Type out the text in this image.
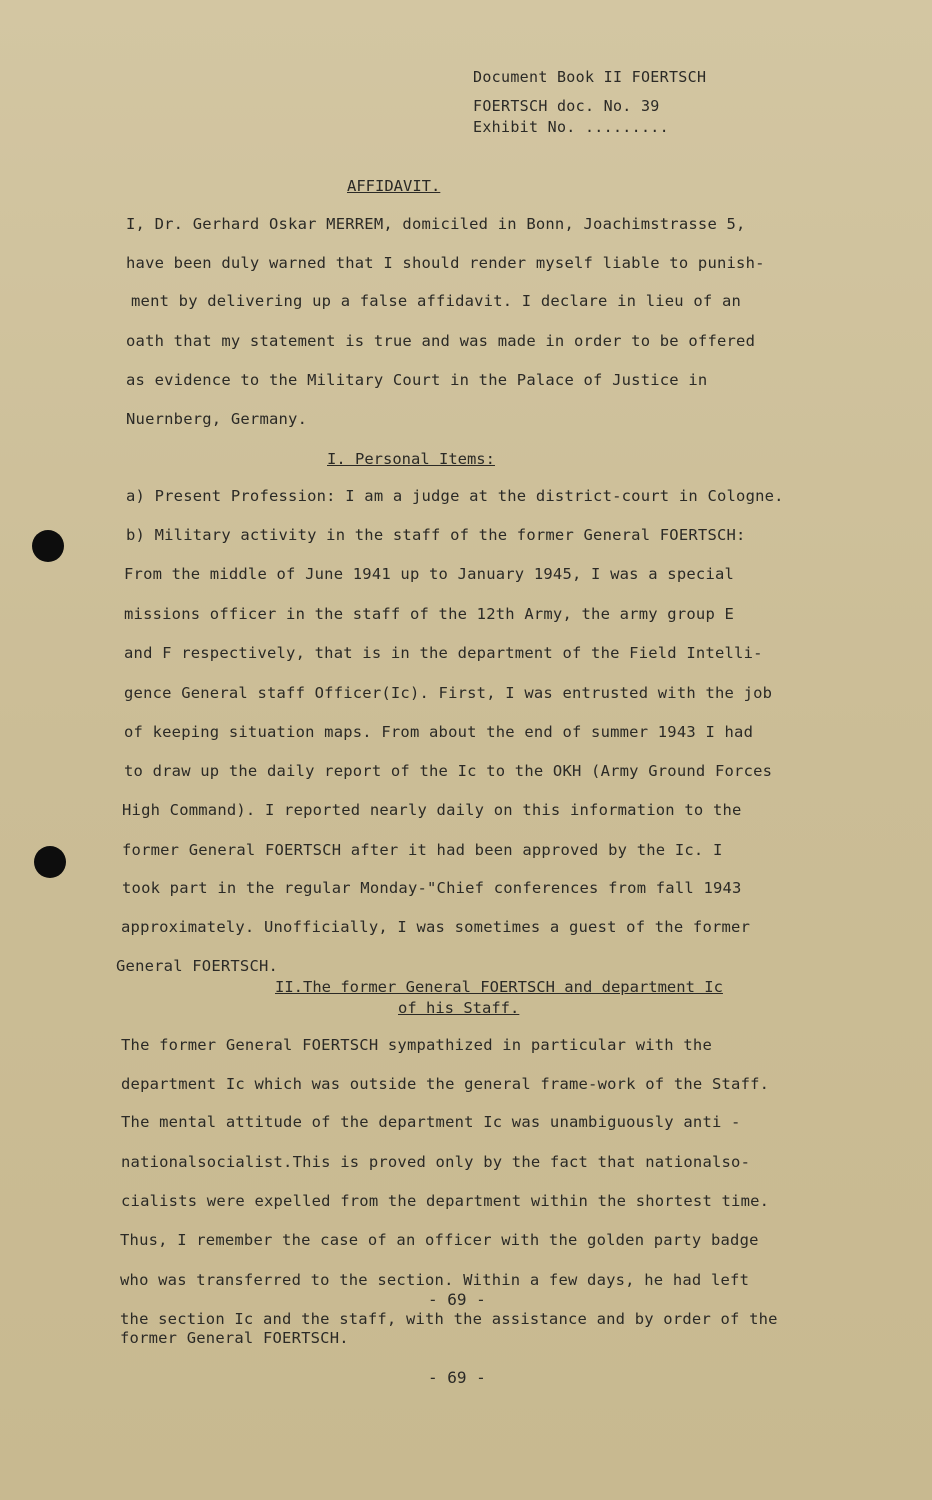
Document Book II FOERTSCH
FOERTSCH doc. No. 39
Exhibit No. .........
AFFIDAVIT.
I, Dr. Gerhard Oskar MERREM, domiciled in Bonn, Joachimstrasse 5,
have been duly warned that I should render myself liable to punish-
ment by delivering up a false affidavit. I declare in lieu of an
oath that my statement is true and was made in order to be offered
as evidence to the Military Court in the Palace of Justice in
Nuernberg, Germany.
I. Personal Items:
a) Present Profession: I am a judge at the district-court in Cologne.
b) Military activity in the staff of the former General FOERTSCH:
From the middle of June 1941 up to January 1945, I was a special
missions officer in the staff of the 12th Army, the army group E
and F respectively, that is in the department of the Field Intelli-
gence General staff Officer(Ic). First, I was entrusted with the job
of keeping situation maps. From about the end of summer 1943 I had
to draw up the daily report of the Ic to the OKH (Army Ground Forces
High Command). I reported nearly daily on this information to the
former General FOERTSCH after it had been approved by the Ic. I
took part in the regular Monday-"Chief conferences from fall 1943
approximately. Unofficially, I was sometimes a guest of the former
General FOERTSCH.
II.The former General FOERTSCH and department Ic
of his Staff.
The former General FOERTSCH sympathized in particular with the
department Ic which was outside the general frame-work of the Staff.
The mental attitude of the department Ic was unambiguously anti -
nationalsocialist.This is proved only by the fact that nationalso-
cialists were expelled from the department within the shortest time.
Thus, I remember the case of an officer with the golden party badge
who was transferred to the section. Within a few days, he had left
- 69 -
the section Ic and the staff, with the assistance and by order of the
former General FOERTSCH.
- 69 -
